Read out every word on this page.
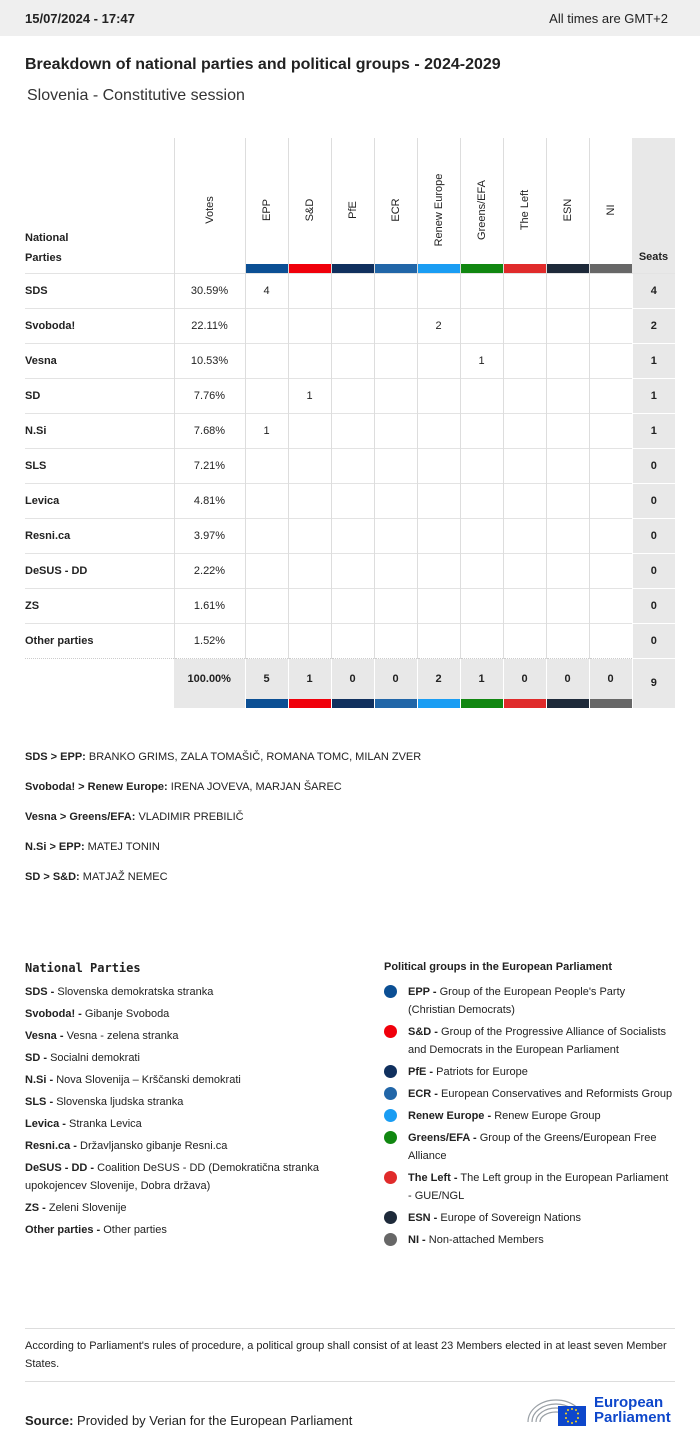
15/07/2024 - 17:47	All times are GMT+2
Breakdown of national parties and political groups - 2024-2029
Slovenia - Constitutive session
National Parties	Votes	EPP	S&D	PfE	ECR	Renew Europe	Greens/EFA	The Left	ESN	NI	Seats
SDS	30.59%	4									4
Svoboda!	22.11%					2					2
Vesna	10.53%						1				1
SD	7.76%		1								1
N.Si	7.68%	1									1
SLS	7.21%										0
Levica	4.81%										0
Resni.ca	3.97%										0
DeSUS - DD	2.22%										0
ZS	1.61%										0
Other parties	1.52%										0
	100.00%	5	1	0	0	2	1	0	0	0	9
SDS > EPP: BRANKO GRIMS, ZALA TOMAŠIČ, ROMANA TOMC, MILAN ZVER
Svoboda! > Renew Europe: IRENA JOVEVA, MARJAN ŠAREC
Vesna > Greens/EFA: VLADIMIR PREBILIČ
N.Si > EPP: MATEJ TONIN
SD > S&D: MATJAŽ NEMEC
National Parties
SDS - Slovenska demokratska stranka
Svoboda! - Gibanje Svoboda
Vesna - Vesna - zelena stranka
SD - Socialni demokrati
N.Si - Nova Slovenija – Krščanski demokrati
SLS - Slovenska ljudska stranka
Levica - Stranka Levica
Resni.ca - Državljansko gibanje Resni.ca
DeSUS - DD - Coalition DeSUS - DD (Demokratična stranka upokojencev Slovenije, Dobra država)
ZS - Zeleni Slovenije
Other parties - Other parties
Political groups in the European Parliament
EPP - Group of the European People's Party (Christian Democrats)
S&D - Group of the Progressive Alliance of Socialists and Democrats in the European Parliament
PfE - Patriots for Europe
ECR - European Conservatives and Reformists Group
Renew Europe - Renew Europe Group
Greens/EFA - Group of the Greens/European Free Alliance
The Left - The Left group in the European Parliament - GUE/NGL
ESN - Europe of Sovereign Nations
NI - Non-attached Members
According to Parliament's rules of procedure, a political group shall consist of at least 23 Members elected in at least seven Member States.
Source: Provided by Verian for the European Parliament
European
Parliament
